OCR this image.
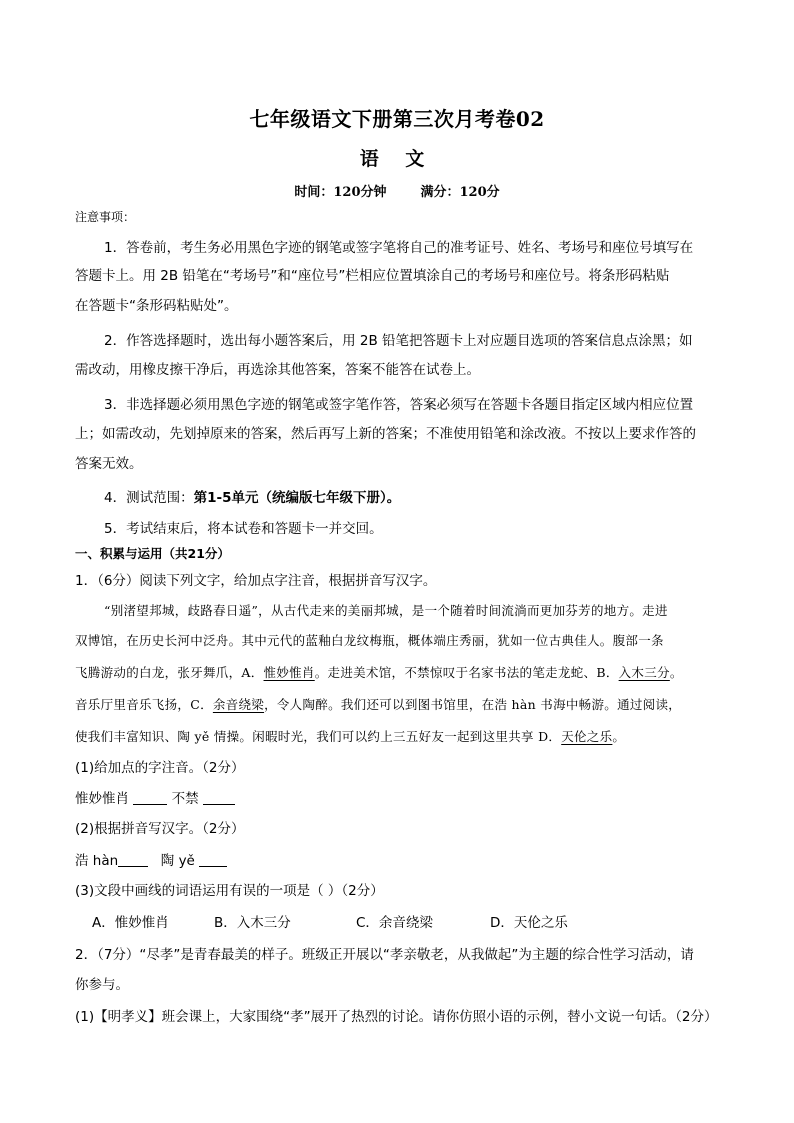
七年级语文下册第三次月考卷02
语 文
时间：120分钟	满分：120分
注意事项：
1．答卷前，考生务必用黑色字迹的钢笔或签字笔将自己的准考证号、姓名、考场号和座位号填写在
答题卡上。用 2B 铅笔在“考场号”和“座位号”栏相应位置填涂自己的考场号和座位号。将条形码粘贴
在答题卡“条形码粘贴处”。
2．作答选择题时，选出每小题答案后，用 2B 铅笔把答题卡上对应题目选项的答案信息点涂黑；如
需改动，用橡皮擦干净后，再选涂其他答案，答案不能答在试卷上。
3．非选择题必须用黑色字迹的钢笔或签字笔作答，答案必须写在答题卡各题目指定区域内相应位置
上；如需改动，先划掉原来的答案，然后再写上新的答案；不准使用铅笔和涂改液。不按以上要求作答的
答案无效。
4．测试范围：第1-5单元（统编版七年级下册）。
5．考试结束后，将本试卷和答题卡一并交回。
一、积累与运用（共21分）
1．（6分）阅读下列文字，给加点字注音，根据拼音写汉字。
“别渚望邦城，歧路春日遥”，从古代走来的美丽邦城，是一个随着时间流淌而更加芬芳的地方。走进
双博馆，在历史长河中泛舟。其中元代的蓝釉白龙纹梅瓶，概体端庄秀丽，犹如一位古典佳人。腹部一条
飞腾游动的白龙，张牙舞爪，A．惟妙惟肖。走进美术馆，不禁惊叹于名家书法的笔走龙蛇、B．入木三分。
音乐厅里音乐飞扬，C．余音绕梁，令人陶醉。我们还可以到图书馆里，在浩 hàn 书海中畅游。通过阅读，
使我们丰富知识、陶 yě 情操。闲暇时光，我们可以约上三五好友一起到这里共享 D．天伦之乐。
(1)给加点的字注音。（2分）
惟妙惟肖	不禁
(2)根据拼音写汉字。（2分）
浩 hàn	陶 yě
(3)文段中画线的词语运用有误的一项是（ ）（2分）
A．惟妙惟肖	B．入木三分	C．余音绕梁	D．天伦之乐
2．（7分）“尽孝”是青春最美的样子。班级正开展以“孝亲敬老，从我做起”为主题的综合性学习活动，请
你参与。
(1)【明孝义】班会课上，大家围绕“孝”展开了热烈的讨论。请你仿照小语的示例，替小文说一句话。（2分）
